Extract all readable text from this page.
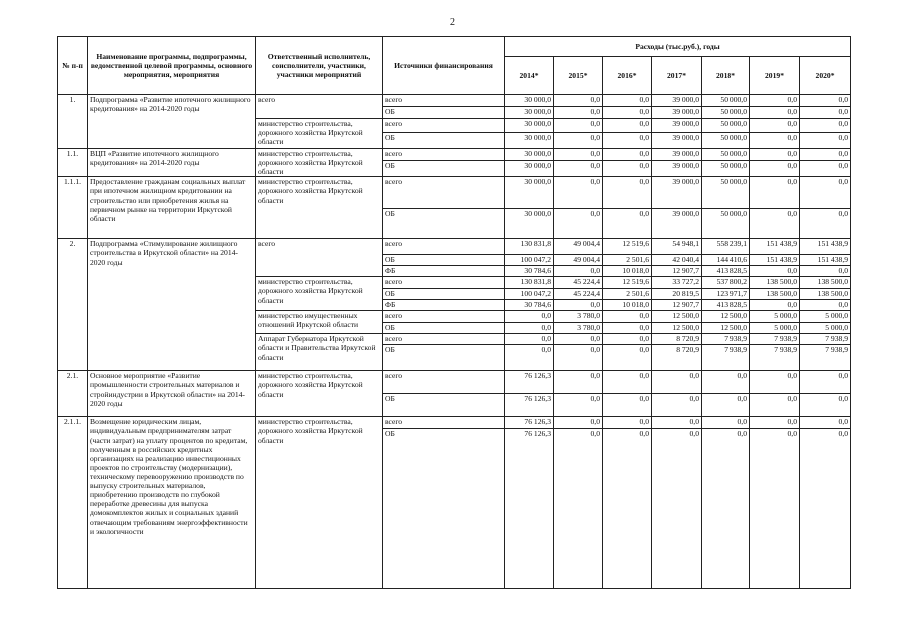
2
№ п-п	Наименование программы, подпрограммы, ведомственной целевой программы, основного мероприятия, мероприятия	Ответственный исполнитель, соисполнители, участники, участники мероприятий	Источники финансирования	Расходы (тыс.руб.), годы						
				2014*	2015*	2016*	2017*	2018*	2019*	2020*
1.	Подпрограмма «Развитие ипотечного жилищного кредитования» на 2014-2020 годы	всего	всего	30 000,0	0,0	0,0	39 000,0	50 000,0	0,0	0,0
			ОБ	30 000,0	0,0	0,0	39 000,0	50 000,0	0,0	0,0
		министерство строительства, дорожного хозяйства Иркутской области	всего	30 000,0	0,0	0,0	39 000,0	50 000,0	0,0	0,0
			ОБ	30 000,0	0,0	0,0	39 000,0	50 000,0	0,0	0,0
1.1.	ВЦП «Развитие ипотечного жилищного кредитования» на 2014-2020 годы	министерство строительства, дорожного хозяйства Иркутской области	всего	30 000,0	0,0	0,0	39 000,0	50 000,0	0,0	0,0
			ОБ	30 000,0	0,0	0,0	39 000,0	50 000,0	0,0	0,0
1.1.1.	Предоставление гражданам социальных выплат при ипотечном жилищном кредитовании на строительство или приобретения жилья на первичном рынке на территории Иркутской области	министерство строительства, дорожного хозяйства Иркутской области	всего	30 000,0	0,0	0,0	39 000,0	50 000,0	0,0	0,0
			ОБ	30 000,0	0,0	0,0	39 000,0	50 000,0	0,0	0,0
2.	Подпрограмма «Стимулирование жилищного строительства в Иркутской области» на 2014-2020 годы	всего	всего	130 831,8	49 004,4	12 519,6	54 948,1	558 239,1	151 438,9	151 438,9
			ОБ	100 047,2	49 004,4	2 501,6	42 040,4	144 410,6	151 438,9	151 438,9
			ФБ	30 784,6	0,0	10 018,0	12 907,7	413 828,5	0,0	0,0
		министерство строительства, дорожного хозяйства Иркутской области	всего	130 831,8	45 224,4	12 519,6	33 727,2	537 800,2	138 500,0	138 500,0
			ОБ	100 047,2	45 224,4	2 501,6	20 819,5	123 971,7	138 500,0	138 500,0
			ФБ	30 784,6	0,0	10 018,0	12 907,7	413 828,5	0,0	0,0
		министерство имущественных отношений Иркутской области	всего	0,0	3 780,0	0,0	12 500,0	12 500,0	5 000,0	5 000,0
			ОБ	0,0	3 780,0	0,0	12 500,0	12 500,0	5 000,0	5 000,0
		Аппарат Губернатора Иркутской области и Правительства Иркутской области	всего	0,0	0,0	0,0	8 720,9	7 938,9	7 938,9	7 938,9
			ОБ	0,0	0,0	0,0	8 720,9	7 938,9	7 938,9	7 938,9
2.1.	Основное мероприятие «Развитие промышленности строительных материалов и стройиндустрии в Иркутской области» на 2014-2020 годы	министерство строительства, дорожного хозяйства Иркутской области	всего	76 126,3	0,0	0,0	0,0	0,0	0,0	0,0
			ОБ	76 126,3	0,0	0,0	0,0	0,0	0,0	0,0
2.1.1.	Возмещение юридическим лицам, индивидуальным предпринимателям затрат (части затрат) на уплату процентов по кредитам, полученным в российских кредитных организациях на реализацию инвестиционных проектов по строительству (модернизации), техническому перевооружению производств по выпуску строительных материалов, приобретению производств по глубокой переработке древесины для выпуска домокомплектов жилых и социальных зданий отвечающим требованиям энергоэффективности и экологичности	министерство строительства, дорожного хозяйства Иркутской области	всего	76 126,3	0,0	0,0	0,0	0,0	0,0	0,0
			ОБ	76 126,3	0,0	0,0	0,0	0,0	0,0	0,0
